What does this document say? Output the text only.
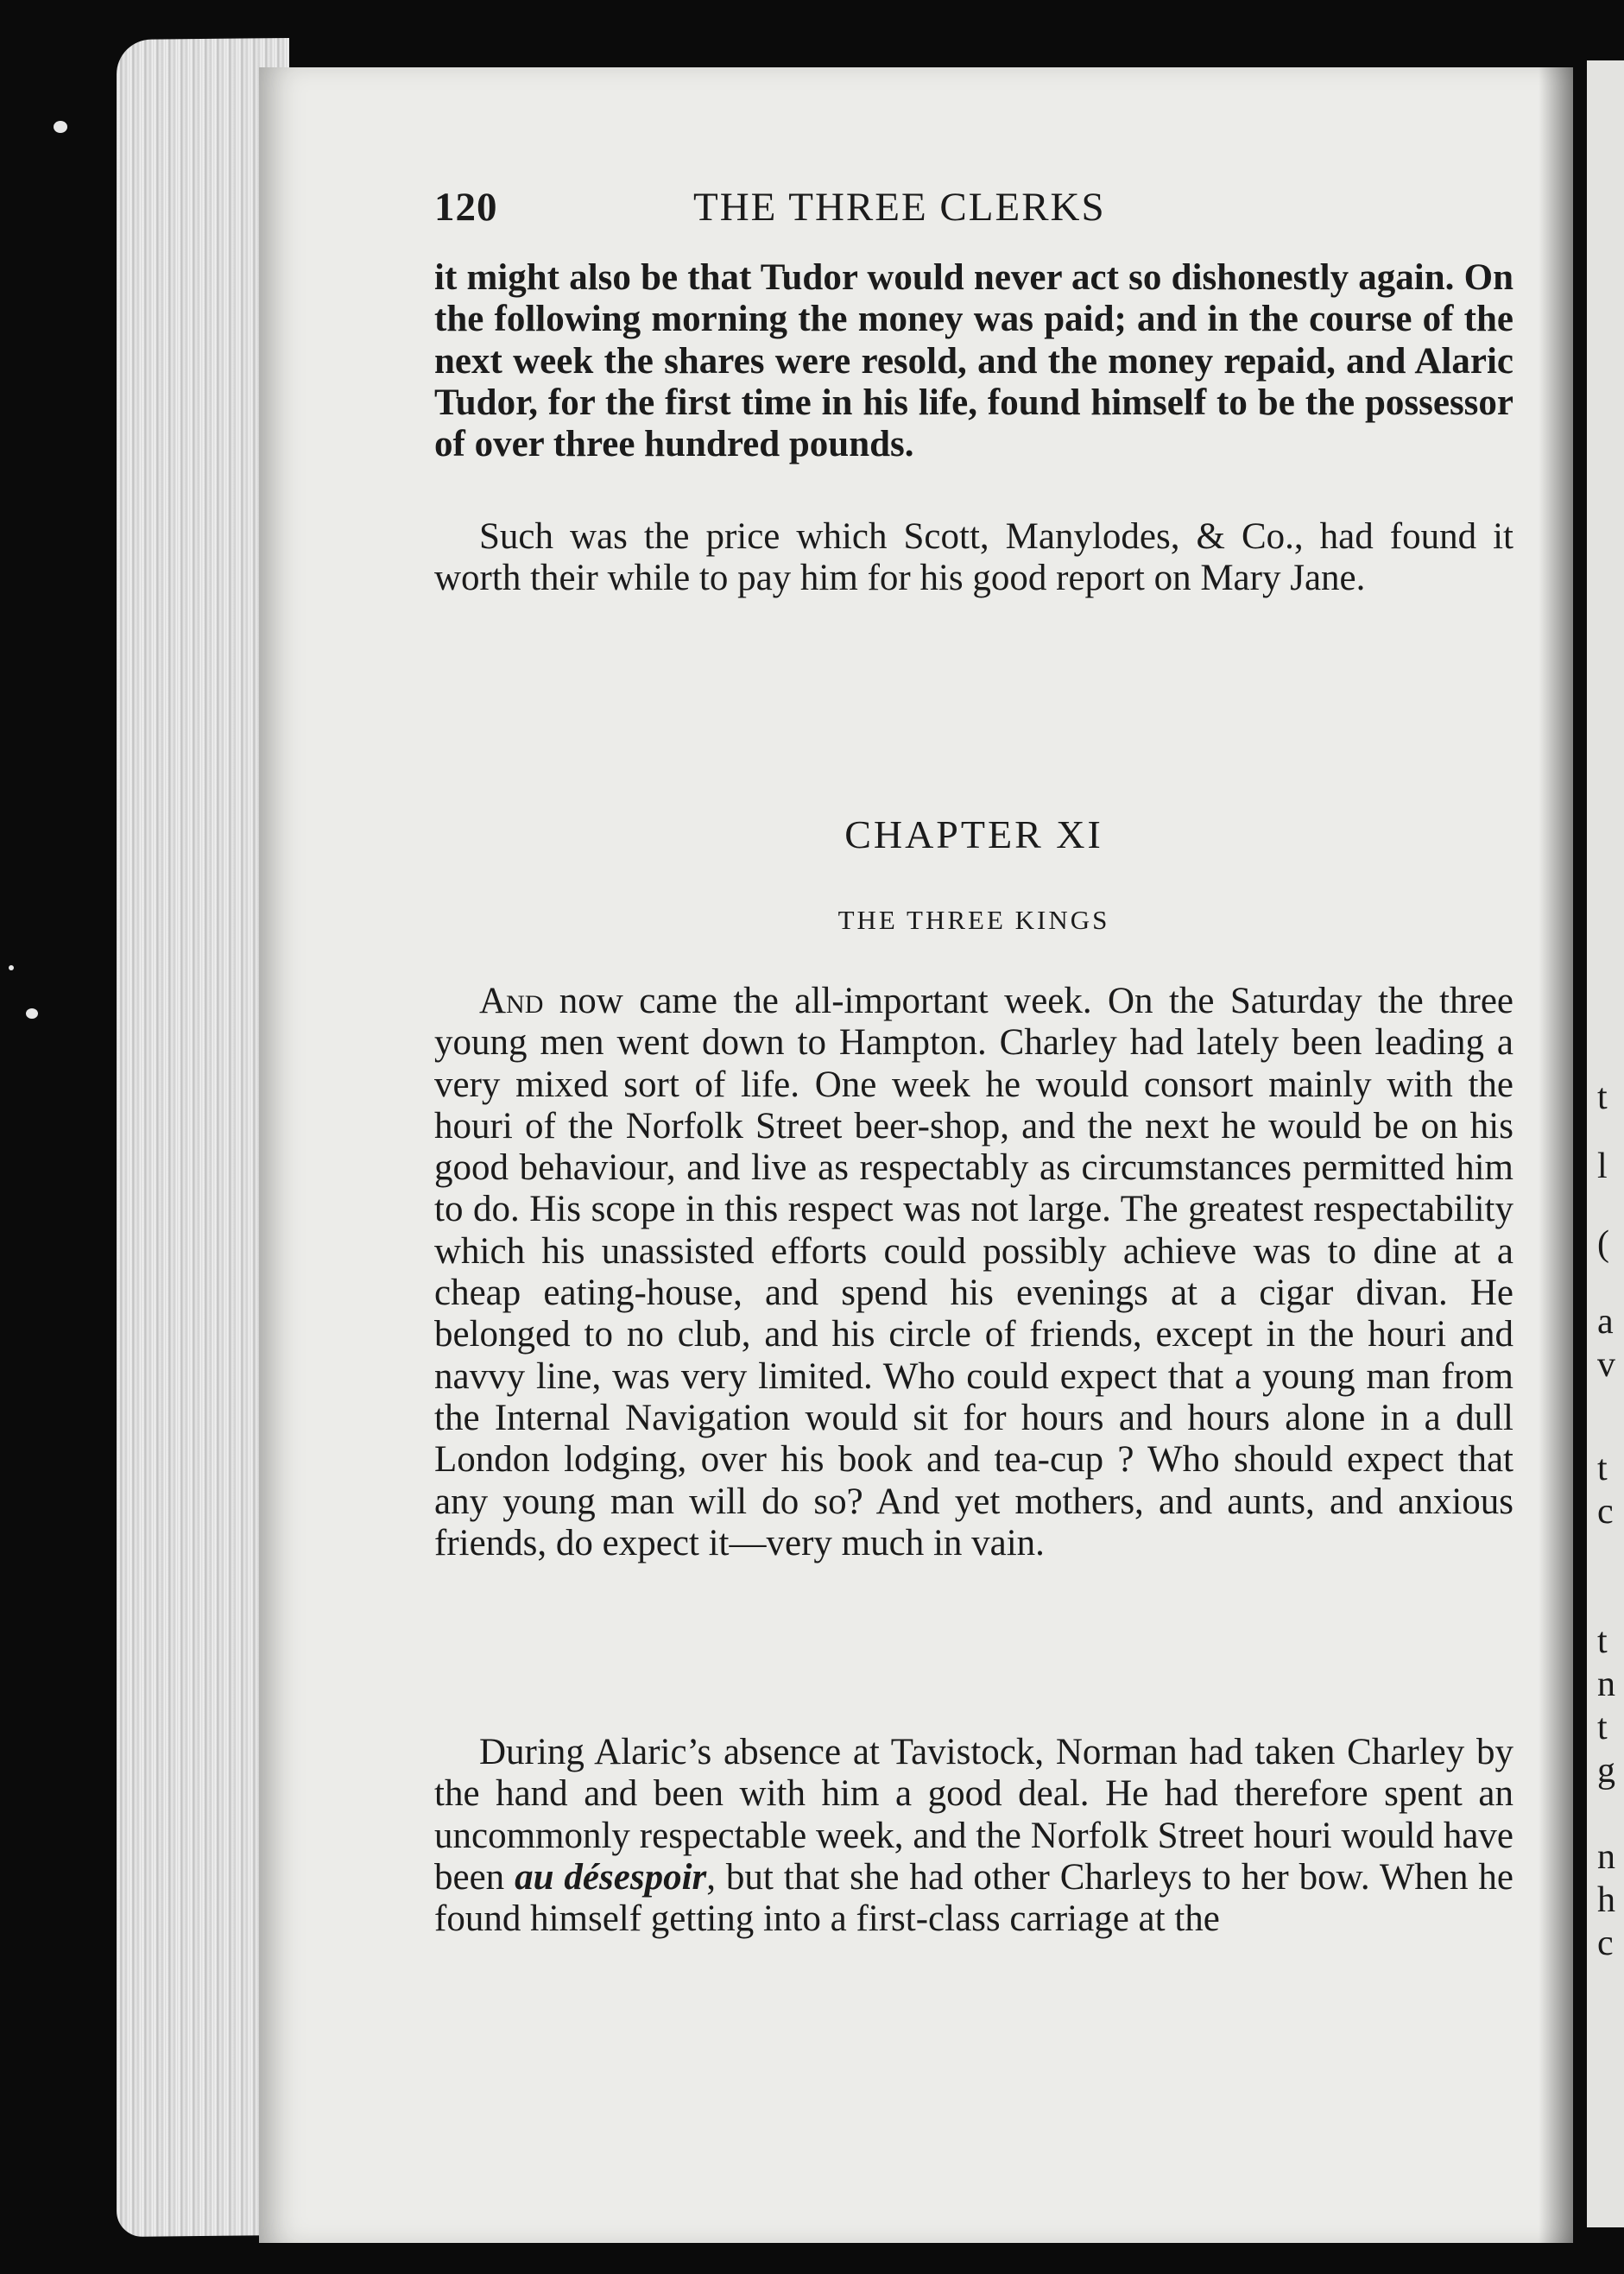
t
l
(
a
v
t
c
t
n
t
g
n
h
c
120	THE THREE CLERKS

it might also be that Tudor would never act so dishonestly again. On the following morning the money was paid; and in the course of the next week the shares were resold, and the money repaid, and Alaric Tudor, for the first time in his life, found himself to be the possessor of over three hundred pounds.

Such was the price which Scott, Manylodes, & Co., had found it worth their while to pay him for his good report on Mary Jane.

CHAPTER XI
THE THREE KINGS

And now came the all-important week. On the Saturday the three young men went down to Hampton. Charley had lately been leading a very mixed sort of life. One week he would consort mainly with the houri of the Norfolk Street beer-shop, and the next he would be on his good behaviour, and live as respectably as circumstances permitted him to do. His scope in this respect was not large. The greatest respectability which his unassisted efforts could possibly achieve was to dine at a cheap eating-house, and spend his evenings at a cigar divan. He belonged to no club, and his circle of friends, except in the houri and navvy line, was very limited. Who could expect that a young man from the Internal Navigation would sit for hours and hours alone in a dull London lodging, over his book and tea-cup ? Who should expect that any young man will do so? And yet mothers, and aunts, and anxious friends, do expect it—very much in vain.

During Alaric’s absence at Tavistock, Norman had taken Charley by the hand and been with him a good deal. He had therefore spent an uncommonly respectable week, and the Norfolk Street houri would have been au désespoir, but that she had other Charleys to her bow. When he found himself getting into a first-class carriage at the
